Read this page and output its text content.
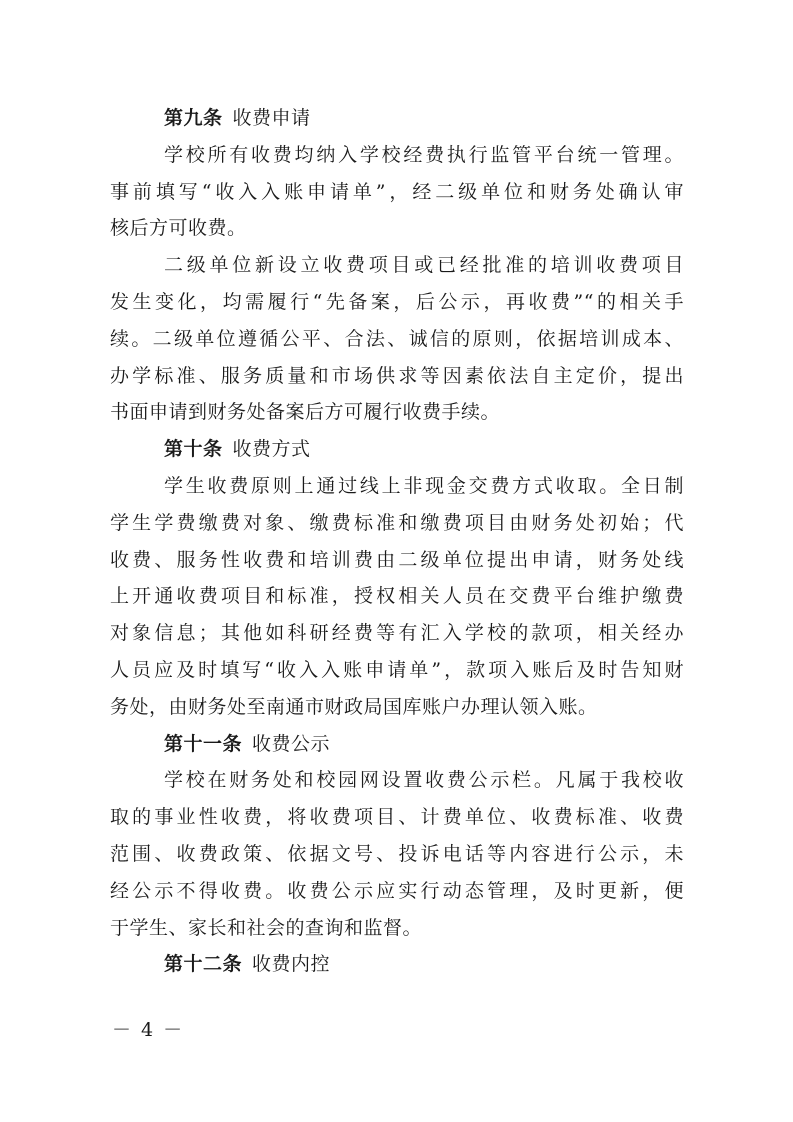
第九条 收费申请
学校所有收费均纳入学校经费执行监管平台统一管理。
事前填写“收入入账申请单”，经二级单位和财务处确认审
核后方可收费。
二级单位新设立收费项目或已经批准的培训收费项目
发生变化，均需履行“先备案，后公示，再收费”“的相关手
续。二级单位遵循公平、合法、诚信的原则，依据培训成本、
办学标准、服务质量和市场供求等因素依法自主定价，提出
书面申请到财务处备案后方可履行收费手续。
第十条 收费方式
学生收费原则上通过线上非现金交费方式收取。全日制
学生学费缴费对象、缴费标准和缴费项目由财务处初始；代
收费、服务性收费和培训费由二级单位提出申请，财务处线
上开通收费项目和标准，授权相关人员在交费平台维护缴费
对象信息；其他如科研经费等有汇入学校的款项，相关经办
人员应及时填写“收入入账申请单”，款项入账后及时告知财
务处，由财务处至南通市财政局国库账户办理认领入账。
第十一条 收费公示
学校在财务处和校园网设置收费公示栏。凡属于我校收
取的事业性收费，将收费项目、计费单位、收费标准、收费
范围、收费政策、依据文号、投诉电话等内容进行公示，未
经公示不得收费。收费公示应实行动态管理，及时更新，便
于学生、家长和社会的查询和监督。
第十二条 收费内控
－ 4 －
